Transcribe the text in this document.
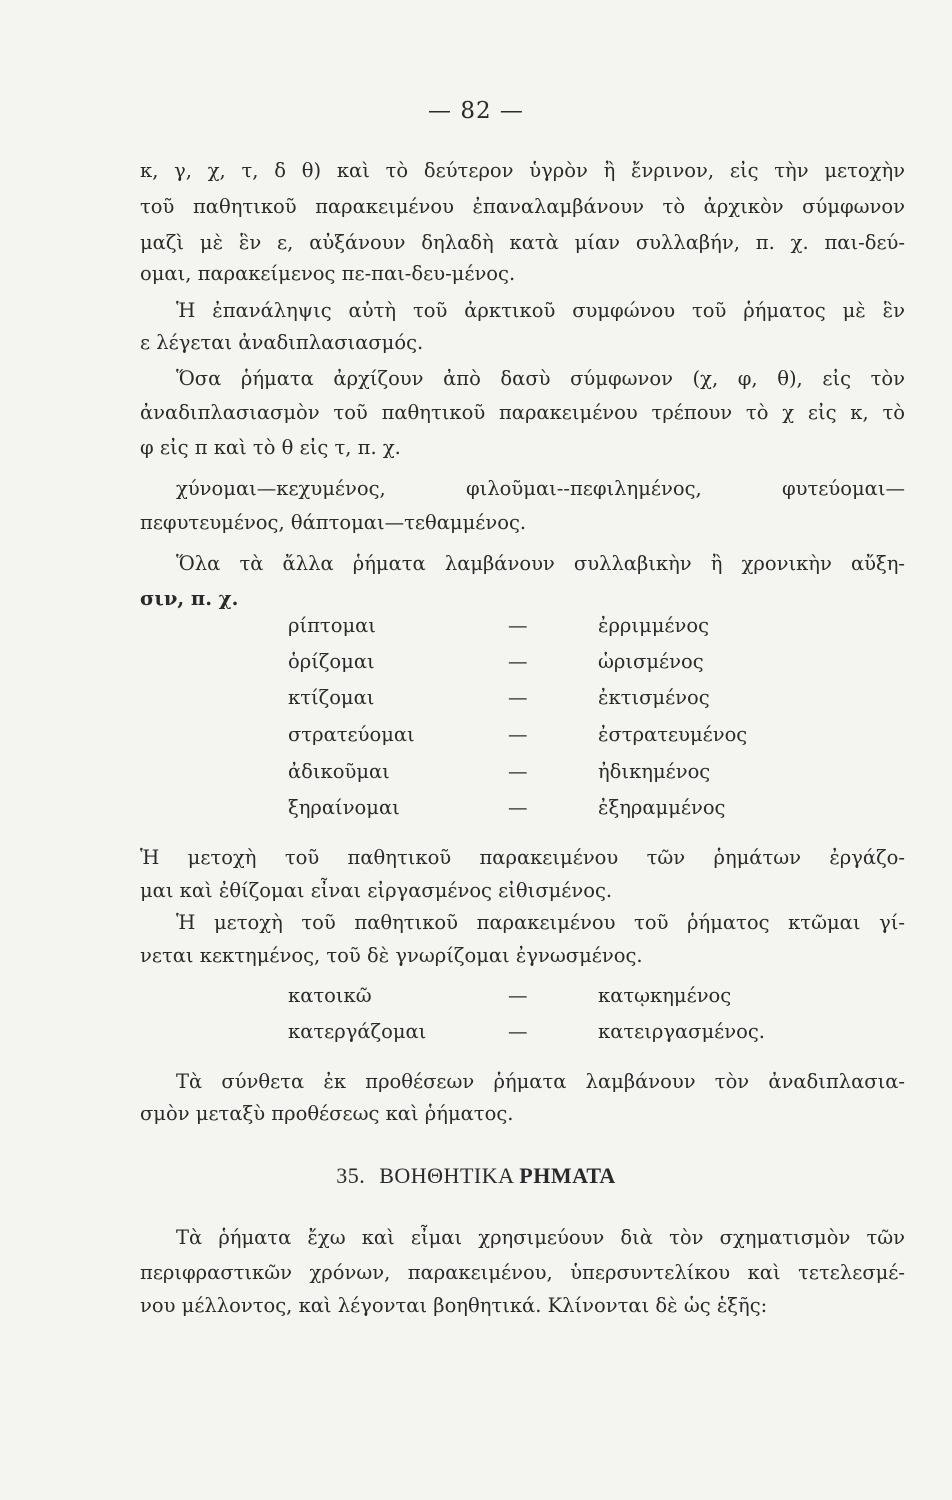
— 82 —
κ, γ, χ, τ, δ θ) καὶ τὸ δεύτερον ὑγρὸν ἢ ἔνρινον, εἰς τὴν μετοχὴν
τοῦ παθητικοῦ παρακειμένου ἐπαναλαμβάνουν τὸ ἀρχικὸν σύμφωνον
μαζὶ μὲ ἓν ε, αὐξάνουν δηλαδὴ κατὰ μίαν συλλαβήν, π. χ. παι-δεύ-
ομαι, παρακείμενος πε-παι-δευ-μένος.
Ἡ ἐπανάληψις αὐτὴ τοῦ ἀρκτικοῦ συμφώνου τοῦ ῥήματος μὲ ἓν
ε λέγεται ἀναδιπλασιασμός.
Ὅσα ῥήματα ἀρχίζουν ἀπὸ δασὺ σύμφωνον (χ, φ, θ), εἰς τὸν
ἀναδιπλασιασμὸν τοῦ παθητικοῦ παρακειμένου τρέπουν τὸ χ εἰς κ, τὸ
φ εἰς π καὶ τὸ θ εἰς τ, π. χ.
χύνομαι—κεχυμένος, φιλοῦμαι--πεφιλημένος, φυτεύομαι—
πεφυτευμένος, θάπτομαι—τεθαμμένος.
Ὅλα τὰ ἄλλα ῥήματα λαμβάνουν συλλαβικὴν ἢ χρονικὴν αὔξη-
σιν, π. χ.
ρίπτομαι	—	ἐρριμμένος
ὁρίζομαι	—	ὡρισμένος
κτίζομαι	—	ἐκτισμένος
στρατεύομαι	—	ἐστρατευμένος
ἀδικοῦμαι	—	ἠδικημένος
ξηραίνομαι	—	ἐξηραμμένος
Ἡ μετοχὴ τοῦ παθητικοῦ παρακειμένου τῶν ῥημάτων ἐργάζο-
μαι καὶ ἐθίζομαι εἶναι εἰργασμένος εἰθισμένος.
Ἡ μετοχὴ τοῦ παθητικοῦ παρακειμένου τοῦ ῥήματος κτῶμαι γί-
νεται κεκτημένος, τοῦ δὲ γνωρίζομαι ἐγνωσμένος.
κατοικῶ	—	κατῳκημένος
κατεργάζομαι	—	κατειργασμένος.
Τὰ σύνθετα ἐκ προθέσεων ῥήματα λαμβάνουν τὸν ἀναδιπλασια-
σμὸν μεταξὺ προθέσεως καὶ ῥήματος.
35. ΒΟΗΘΗΤΙΚΑ ΡΗΜΑΤΑ
Τὰ ῥήματα ἔχω καὶ εἶμαι χρησιμεύουν διὰ τὸν σχηματισμὸν τῶν
περιφραστικῶν χρόνων, παρακειμένου, ὑπερσυντελίκου καὶ τετελεσμέ-
νου μέλλοντος, καὶ λέγονται βοηθητικά. Κλίνονται δὲ ὡς ἑξῆς:
